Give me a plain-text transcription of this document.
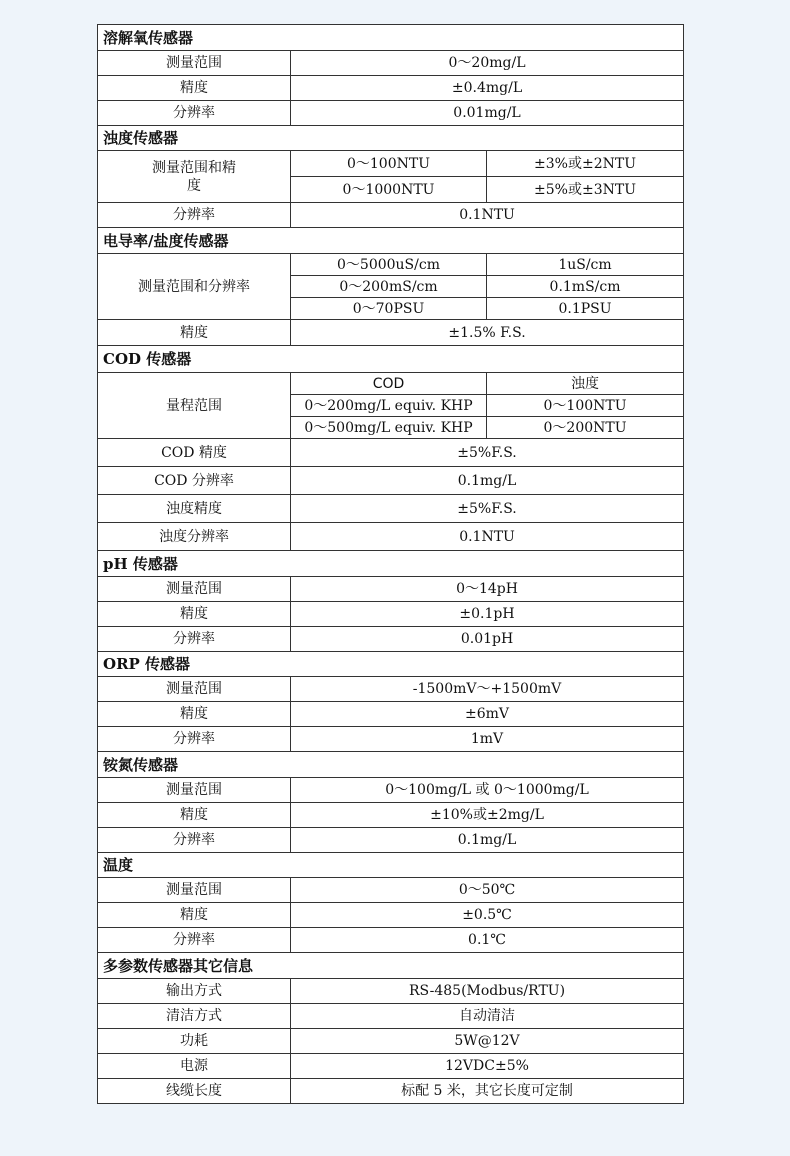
溶解氧传感器		
测量范围	0～20mg/L	
精度	±0.4mg/L	
分辨率	0.01mg/L	
浊度传感器		
测量范围和精度	0～100NTU	±3%或±2NTU
	0～1000NTU	±5%或±3NTU
分辨率	0.1NTU	
电导率/盐度传感器		
测量范围和分辨率	0～5000uS/cm	1uS/cm
	0～200mS/cm	0.1mS/cm
	0～70PSU	0.1PSU
精度	±1.5% F.S.	
COD 传感器		
量程范围	COD	浊度
	0～200mg/L equiv. KHP	0～100NTU
	0～500mg/L equiv. KHP	0～200NTU
COD 精度	±5%F.S.	
COD 分辨率	0.1mg/L	
浊度精度	±5%F.S.	
浊度分辨率	0.1NTU	
pH 传感器		
测量范围	0～14pH	
精度	±0.1pH	
分辨率	0.01pH	
ORP 传感器		
测量范围	-1500mV～+1500mV	
精度	±6mV	
分辨率	1mV	
铵氮传感器		
测量范围	0～100mg/L 或 0～1000mg/L	
精度	±10%或±2mg/L	
分辨率	0.1mg/L	
温度		
测量范围	0～50℃	
精度	±0.5℃	
分辨率	0.1℃	
多参数传感器其它信息		
输出方式	RS-485(Modbus/RTU)	
清洁方式	自动清洁	
功耗	5W@12V	
电源	12VDC±5%	
线缆长度	标配 5 米，其它长度可定制	
